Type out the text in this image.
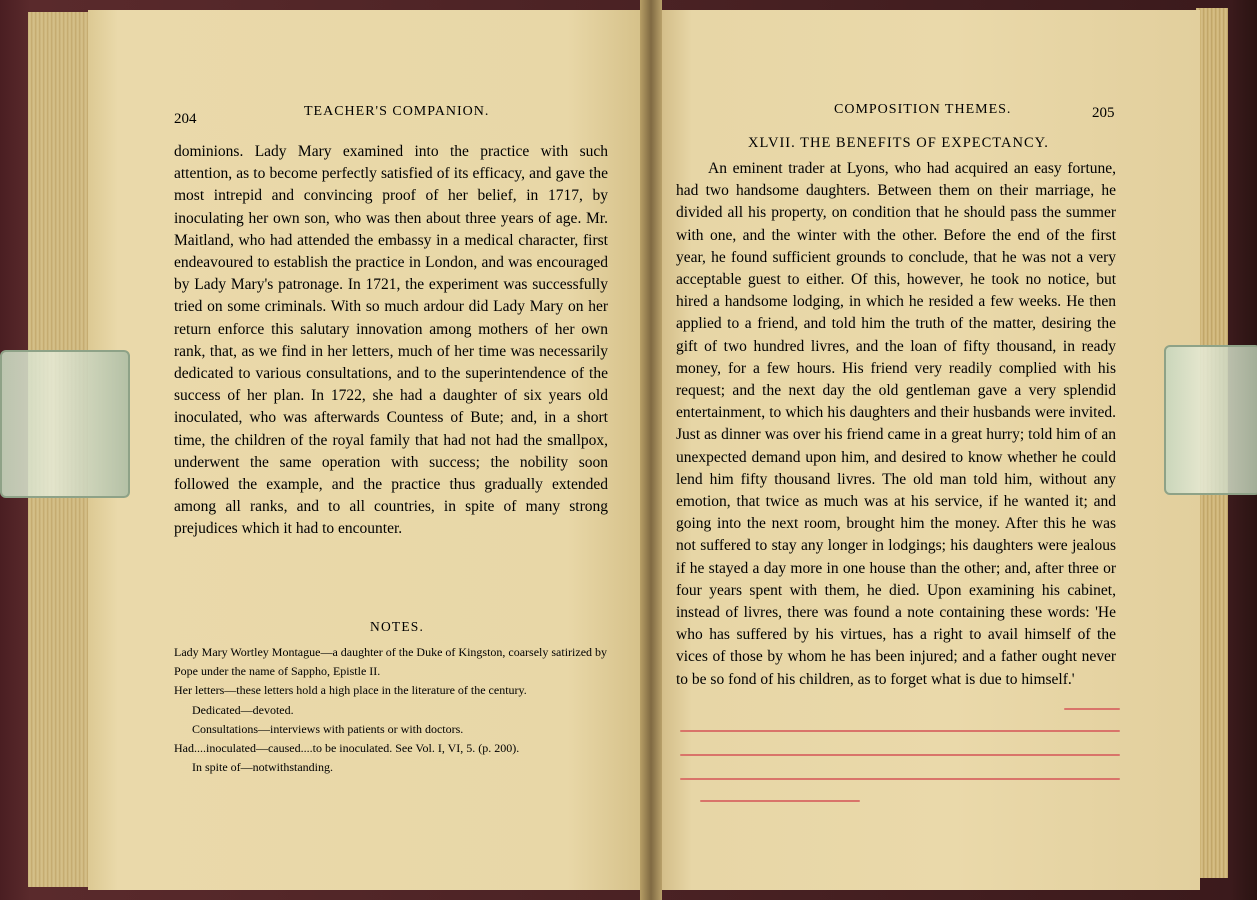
204	TEACHER'S COMPANION.

dominions. Lady Mary examined into the practice with such attention, as to become perfectly satisfied of its efficacy, and gave the most intrepid and convincing proof of her belief, in 1717, by inoculating her own son, who was then about three years of age. Mr. Maitland, who had attended the embassy in a medical character, first endeavoured to establish the practice in London, and was encouraged by Lady Mary's patronage. In 1721, the experiment was successfully tried on some criminals. With so much ardour did Lady Mary on her return enforce this salutary innovation among mothers of her own rank, that, as we find in her letters, much of her time was necessarily dedicated to various consultations, and to the superintendence of the success of her plan. In 1722, she had a daughter of six years old inoculated, who was afterwards Countess of Bute; and, in a short time, the children of the royal family that had not had the smallpox, underwent the same operation with success; the nobility soon followed the example, and the practice thus gradually extended among all ranks, and to all countries, in spite of many strong prejudices which it had to encounter.

NOTES.
Lady Mary Wortley Montague—a daughter of the Duke of Kingston, coarsely satirized by Pope under the name of Sappho, Epistle II.
Her letters—these letters hold a high place in the literature of the century.
Dedicated—devoted.
Consultations—interviews with patients or with doctors.
Had....inoculated—caused....to be inoculated. See Vol. I, VI, 5. (p. 200).
In spite of—notwithstanding.
COMPOSITION THEMES.	205
XLVII. THE BENEFITS OF EXPECTANCY.

An eminent trader at Lyons, who had acquired an easy fortune, had two handsome daughters. Between them on their marriage, he divided all his property, on condition that he should pass the summer with one, and the winter with the other. Before the end of the first year, he found sufficient grounds to conclude, that he was not a very acceptable guest to either. Of this, however, he took no notice, but hired a handsome lodging, in which he resided a few weeks. He then applied to a friend, and told him the truth of the matter, desiring the gift of two hundred livres, and the loan of fifty thousand, in ready money, for a few hours. His friend very readily complied with his request; and the next day the old gentleman gave a very splendid entertainment, to which his daughters and their husbands were invited. Just as dinner was over his friend came in a great hurry; told him of an unexpected demand upon him, and desired to know whether he could lend him fifty thousand livres. The old man told him, without any emotion, that twice as much was at his service, if he wanted it; and going into the next room, brought him the money. After this he was not suffered to stay any longer in lodgings; his daughters were jealous if he stayed a day more in one house than the other; and, after three or four years spent with them, he died. Upon examining his cabinet, instead of livres, there was found a note containing these words: 'He who has suffered by his virtues, has a right to avail himself of the vices of those by whom he has been injured; and a father ought never to be so fond of his children, as to forget what is due to himself.'
